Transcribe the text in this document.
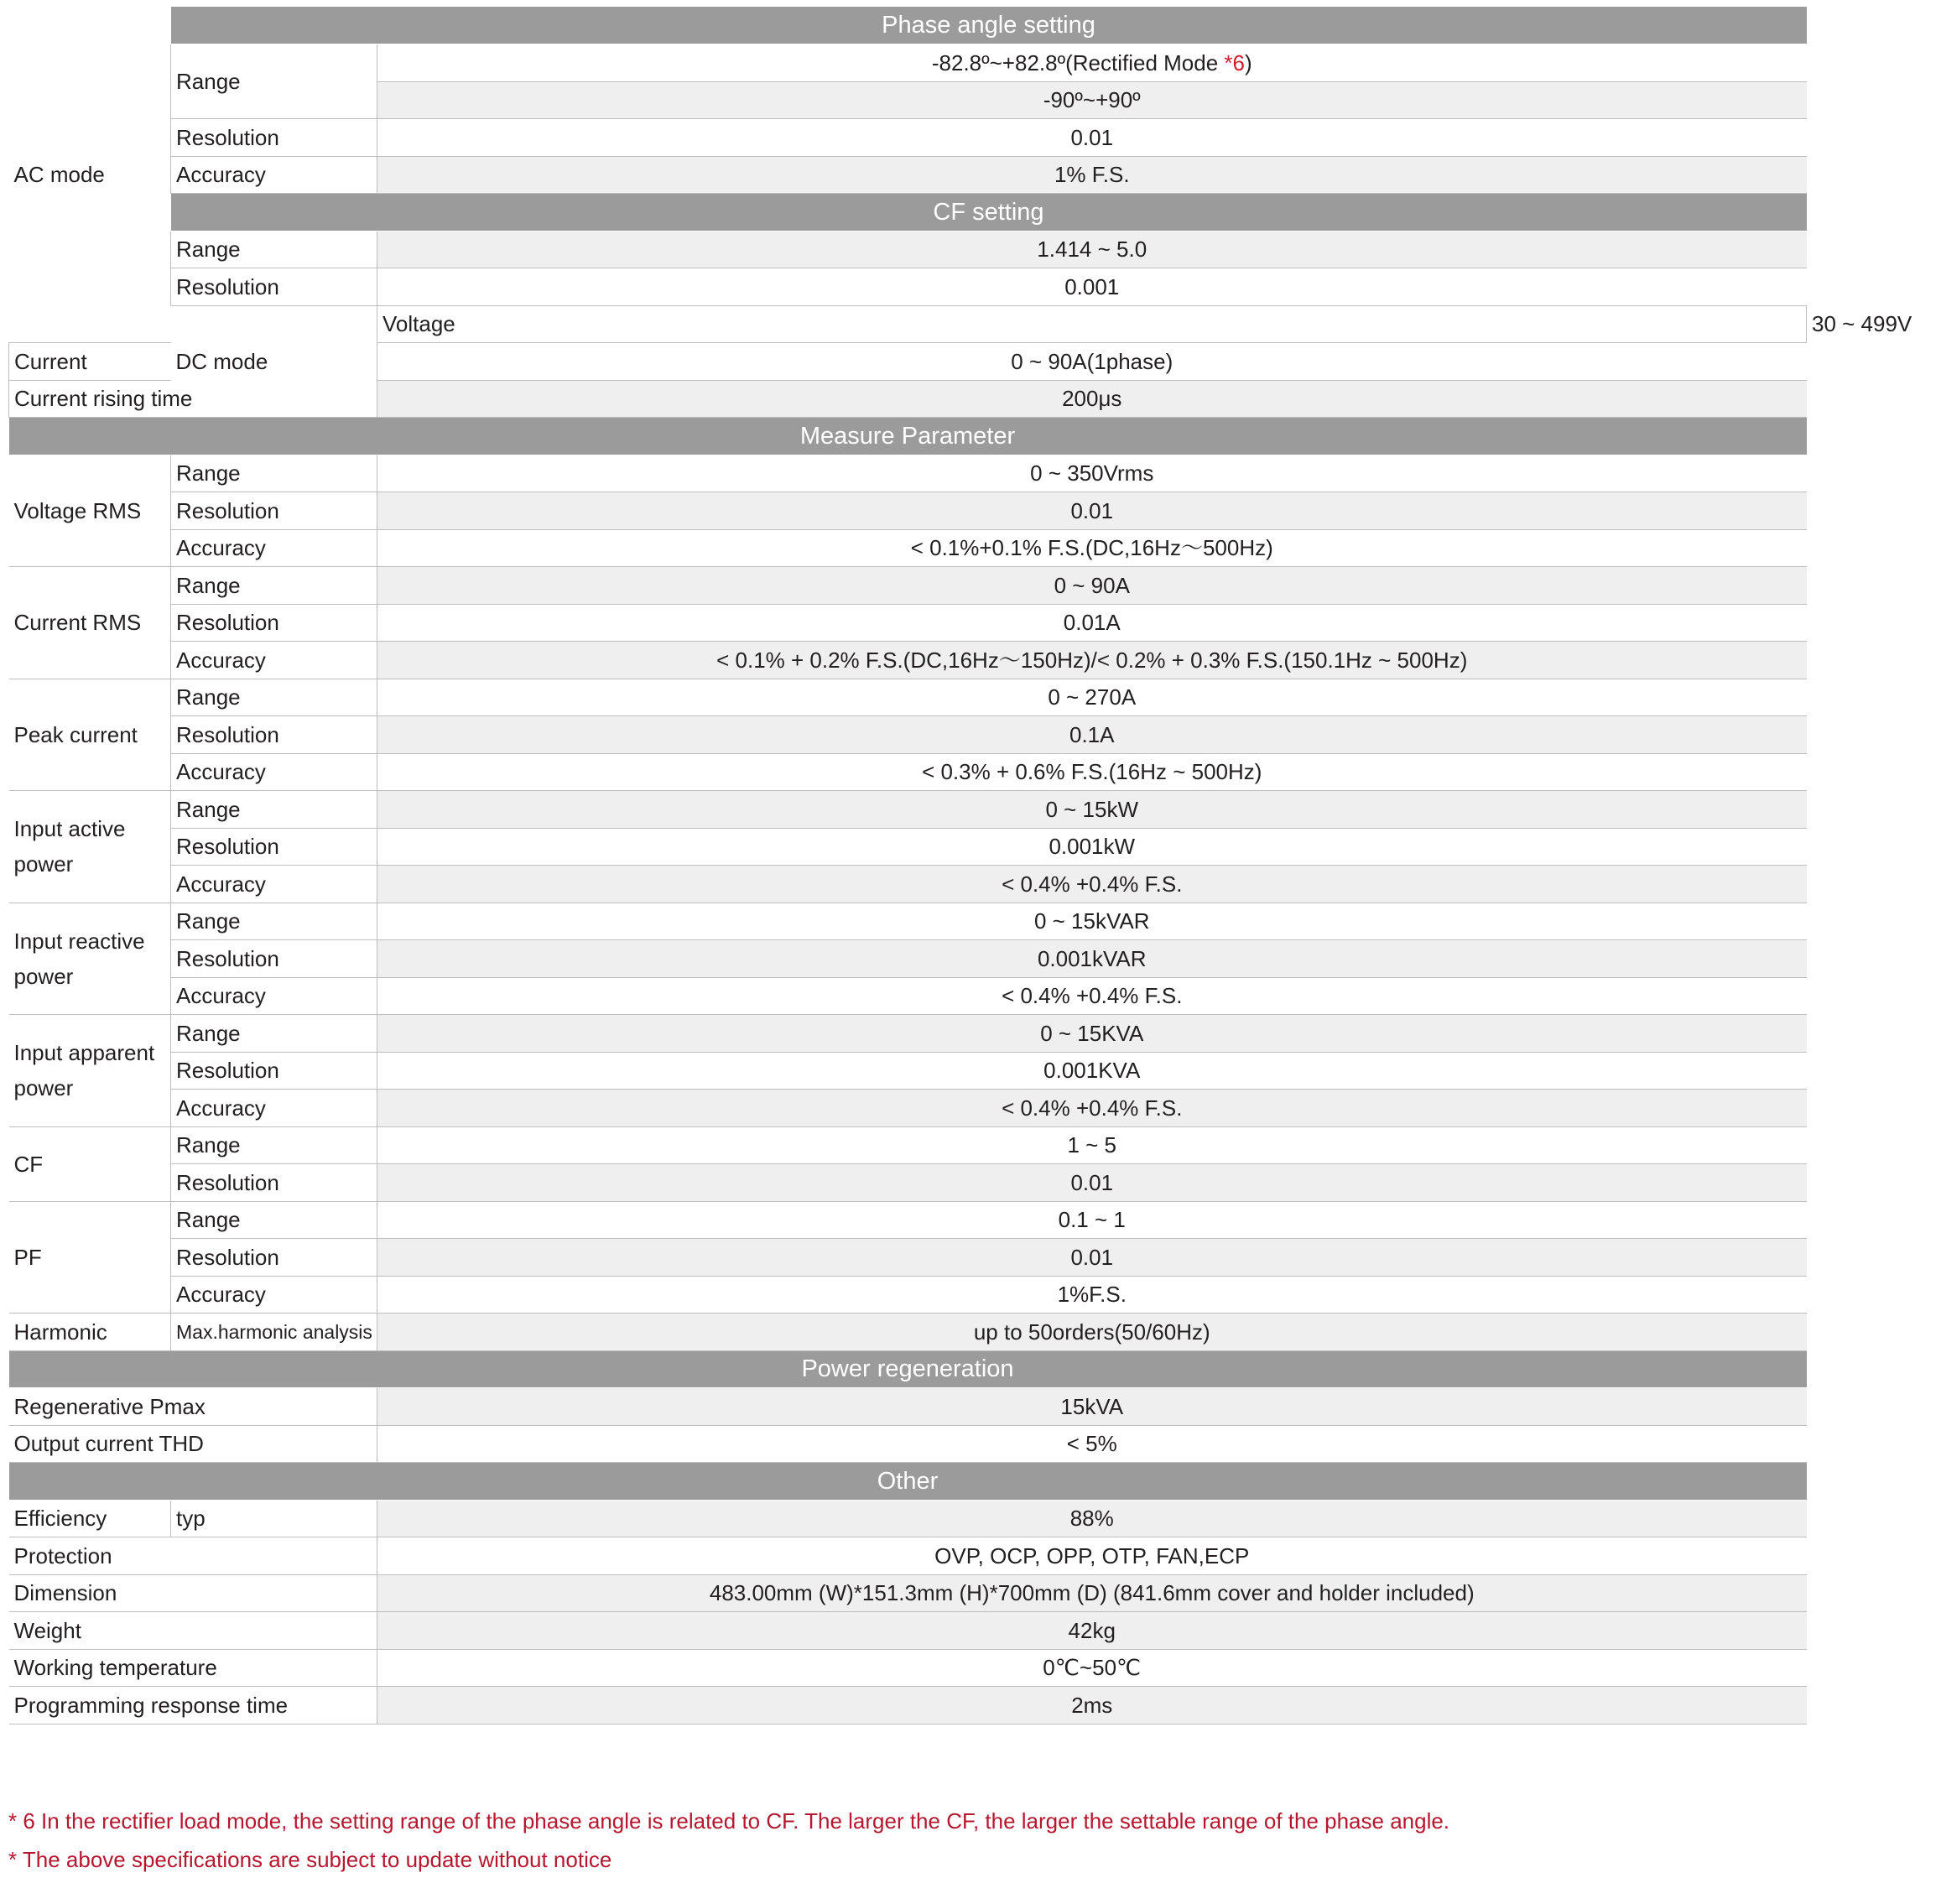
AC mode	Phase angle setting		
	Range	-82.8º~+82.8º(Rectified Mode *6)	
		-90º~+90º	
	Resolution	0.01	
	Accuracy	1% F.S.	
	CF setting		
	Range	1.414 ~ 5.0	
	Resolution	0.001	
	DC mode	Voltage	30 ~ 499V
Current		0 ~ 90A(1phase)	
Current rising time		200μs	
Measure Parameter			
Voltage RMS	Range	0 ~ 350Vrms	
	Resolution	0.01	
	Accuracy	< 0.1%+0.1% F.S.(DC,16Hz～500Hz)	
Current RMS	Range	0 ~ 90A	
	Resolution	0.01A	
	Accuracy	< 0.1% + 0.2% F.S.(DC,16Hz～150Hz)/< 0.2% + 0.3% F.S.(150.1Hz ~ 500Hz)	
Peak current	Range	0 ~ 270A	
	Resolution	0.1A	
	Accuracy	< 0.3% + 0.6% F.S.(16Hz ~ 500Hz)	
Input active power	Range	0 ~ 15kW	
	Resolution	0.001kW	
	Accuracy	< 0.4% +0.4% F.S.	
Input reactive power	Range	0 ~ 15kVAR	
	Resolution	0.001kVAR	
	Accuracy	< 0.4% +0.4% F.S.	
Input apparent power	Range	0 ~ 15KVA	
	Resolution	0.001KVA	
	Accuracy	< 0.4% +0.4% F.S.	
CF	Range	1 ~ 5	
	Resolution	0.01	
PF	Range	0.1 ~ 1	
	Resolution	0.01	
	Accuracy	1%F.S.	
Harmonic	Max.harmonic analysis	up to 50orders(50/60Hz)	
Power regeneration			
Regenerative Pmax		15kVA	
Output current THD		< 5%	
Other			
Efficiency	typ	88%	
Protection		OVP, OCP, OPP, OTP, FAN,ECP	
Dimension		483.00mm (W)*151.3mm (H)*700mm (D) (841.6mm cover and holder included)	
Weight		42kg	
Working temperature		0℃~50℃	
Programming response time		2ms	

* 6 In the rectifier load mode, the setting range of the phase angle is related to CF. The larger the CF, the larger the settable range of the phase angle.

* The above specifications are subject to update without notice
